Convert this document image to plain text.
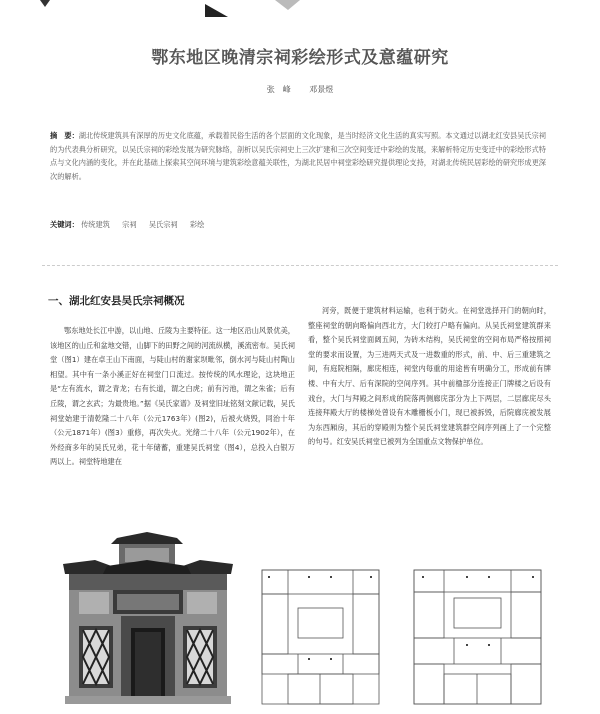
鄂东地区晚清宗祠彩绘形式及意蕴研究
张　峰 邓景煜
摘　要：湖北传统建筑具有深厚的历史文化底蕴，承载着民俗生活的各个层面的文化现象，是当时经济文化生活的真实写照。本文通过以湖北红安县吴氏宗祠的为代表典分析研究，以吴氏宗祠的彩绘发展为研究脉络，剖析以吴氏宗祠史上三次扩建和三次空间变迁中彩绘的发展，来解析特定历史变迁中的彩绘形式特点与文化内涵的变化，并在此基础上探索其空间环境与建筑彩绘意蕴关联性，为湖北民居中祠堂彩绘研究提供理论支持，对湖北传统民居彩绘的研究形成更深次的解析。
关键词： 传统建筑 宗祠 吴氏宗祠 彩绘
一、湖北红安县吴氏宗祠概况
鄂东地处长江中游，以山地、丘陵为主要特征。这一地区沿山风景优美，该地区的山丘和盆地交错，山脚下的田野之间的河流纵横，溪流密布。吴氏祠堂（图1）建在卓王山下南面，与陡山村的谢家坝毗邻，倒水河与陡山村陶山相望。其中有一条小溪正好在祠堂门口流过。按传统的风水理论，这块地正是“左有流水，谓之青龙；右有长道，谓之白虎；前有污池，谓之朱雀；后有丘陵，谓之玄武；为最贵地。”据《吴氏家谱》及祠堂旧址铭刻文献记载，吴氏祠堂始建于清乾隆二十八年（公元1763年）(图2)，后被火烧毁，同治十年（公元1871年）(图3）重修，再次失火。光绪二十八年（公元1902年），在外经商多年的吴氏兄弟，花十年储蓄，重建吴氏祠堂（图4），总投入白银万两以上。祠堂特地建在
河旁，既便于建筑材料运输，也利于防火。在祠堂选择开门的朝向时，整座祠堂的朝向略偏向西北方，大门较打户略有偏向。从吴氏祠堂建筑群来看，整个吴氏祠堂面阔五间，为砖木结构，吴氏祠堂的空间布局严格按照祠堂的要求而设置，为三进两天式及一进数重的形式，前、中、后三重建筑之间，有庭院相隔，廊庑相连，祠堂内每重的用途皆有明确分工，形成前有牌楼、中有大厅、后有深院的空间序列。其中前楹部分连接正门牌楼之后设有戏台，大门与拜殿之间形成的院落两侧廊庑部分为上下两层，二层廊庑尽头连接拜殿大厅的楼梯处曾设有木雕栅板小门，现已被拆毁，后院廊庑被发展为东西厢房，其后的穿殿则为整个吴氏祠堂建筑群空间序列画上了一个完整的句号。红安吴氏祠堂已被列为全国重点文物保护单位。
